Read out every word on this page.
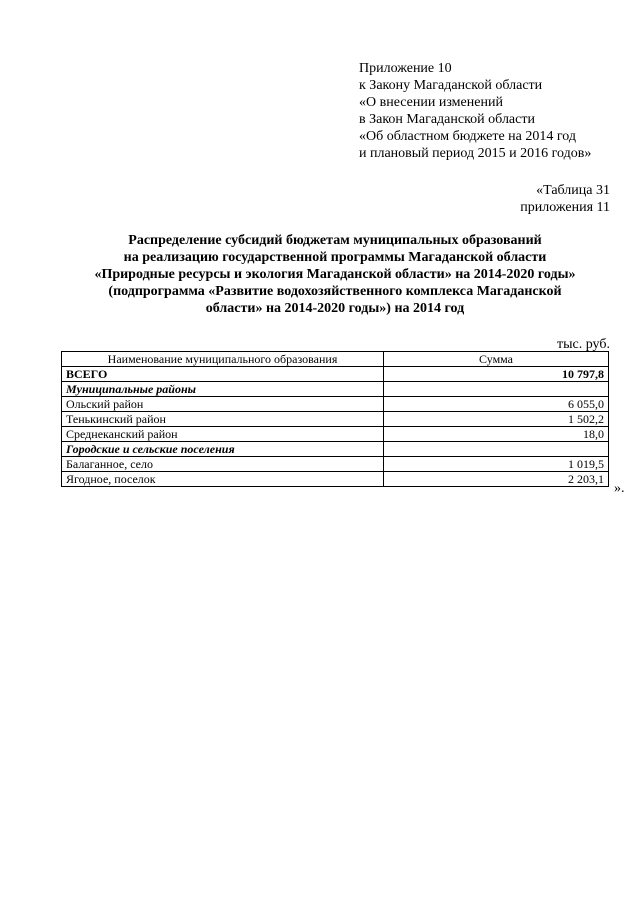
Приложение 10
к Закону Магаданской области
«О внесении изменений
в Закон Магаданской области
«Об областном бюджете на 2014 год
и плановый период 2015 и 2016 годов»
«Таблица 31
приложения 11
Распределение субсидий бюджетам муниципальных образований
на реализацию государственной программы Магаданской области
«Природные ресурсы и экология Магаданской области» на 2014-2020 годы»
(подпрограмма «Развитие водохозяйственного комплекса Магаданской
области» на 2014-2020 годы») на 2014 год
тыс. руб.
Наименование муниципального образования	Сумма
ВСЕГО	10 797,8
Муниципальные районы	
Ольский район	6 055,0
Тенькинский район	1 502,2
Среднеканский район	18,0
Городские и сельские поселения	
Балаганное, село	1 019,5
Ягодное, поселок	2 203,1
».
